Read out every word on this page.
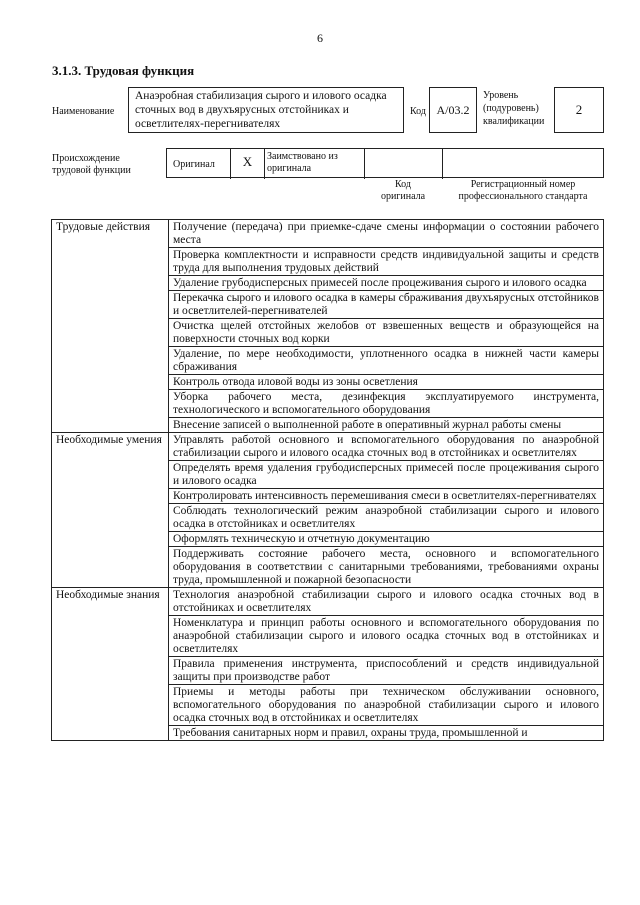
6
3.1.3. Трудовая функция
Наименование
Анаэробная стабилизация сырого и илового осадка сточных вод в двухъярусных отстойниках и осветлителях-перегнивателях
Код А/03.2
Уровень
(подуровень)
квалификации
2
Происхождение
трудовой функции
Оригинал	X	Заимствовано из
оригинала
Код
оригинала
Регистрационный номер
профессионального стандарта
Трудовые действия	Получение (передача) при приемке-сдаче смены информации о состоянии рабочего места
	Проверка комплектности и исправности средств индивидуальной защиты и средств труда для выполнения трудовых действий
	Удаление грубодисперсных примесей после процеживания сырого и илового осадка
	Перекачка сырого и илового осадка в камеры сбраживания двухъярусных отстойников и осветлителей-перегнивателей
	Очистка щелей отстойных желобов от взвешенных веществ и образующейся на поверхности сточных вод корки
	Удаление, по мере необходимости, уплотненного осадка в нижней части камеры сбраживания
	Контроль отвода иловой воды из зоны осветления
	Уборка рабочего места, дезинфекция эксплуатируемого инструмента, технологического и вспомогательного оборудования
	Внесение записей о выполненной работе в оперативный журнал работы смены
Необходимые умения	Управлять работой основного и вспомогательного оборудования по анаэробной стабилизации сырого и илового осадка сточных вод в отстойниках и осветлителях
	Определять время удаления грубодисперсных примесей после процеживания сырого и илового осадка
	Контролировать интенсивность перемешивания смеси в осветлителях-перегнивателях
	Соблюдать технологический режим анаэробной стабилизации сырого и илового осадка в отстойниках и осветлителях
	Оформлять техническую и отчетную документацию
	Поддерживать состояние рабочего места, основного и вспомогательного оборудования в соответствии с санитарными требованиями, требованиями охраны труда, промышленной и пожарной безопасности
Необходимые знания	Технология анаэробной стабилизации сырого и илового осадка сточных вод в отстойниках и осветлителях
	Номенклатура и принцип работы основного и вспомогательного оборудования по анаэробной стабилизации сырого и илового осадка сточных вод в отстойниках и осветлителях
	Правила применения инструмента, приспособлений и средств индивидуальной защиты при производстве работ
	Приемы и методы работы при техническом обслуживании основного, вспомогательного оборудования по анаэробной стабилизации сырого и илового осадка сточных вод в отстойниках и осветлителях
	Требования санитарных норм и правил, охраны труда, промышленной и
